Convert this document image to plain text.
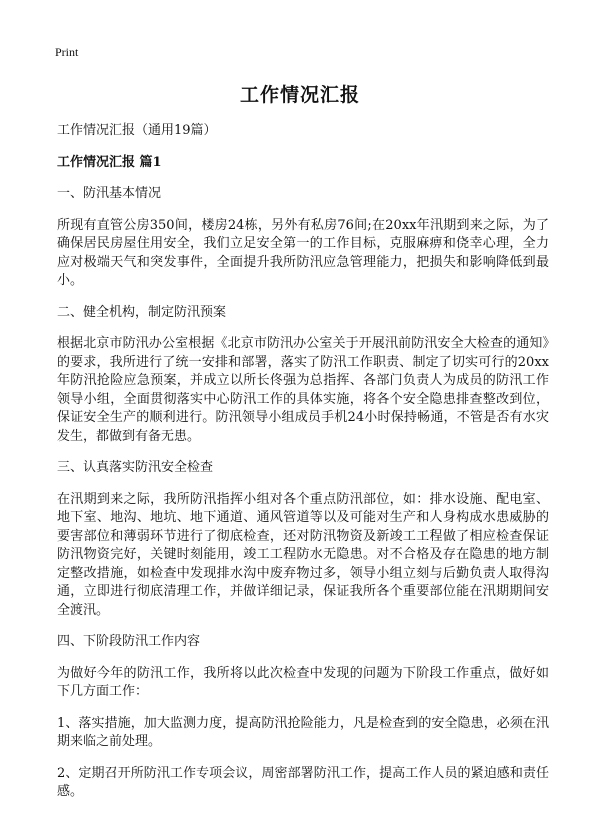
Print
工作情况汇报

工作情况汇报（通用19篇）

工作情况汇报 篇1

一、防汛基本情况

所现有直管公房350间，楼房24栋，另外有私房76间;在20xx年汛期到来之际，为了确保居民房屋住用安全，我们立足安全第一的工作目标，克服麻痹和侥幸心理，全力应对极端天气和突发事件，全面提升我所防汛应急管理能力，把损失和影响降低到最小。

二、健全机构，制定防汛预案

根据北京市防汛办公室根据《北京市防汛办公室关于开展汛前防汛安全大检查的通知》的要求，我所进行了统一安排和部署，落实了防汛工作职责、制定了切实可行的20xx年防汛抢险应急预案，并成立以所长佟强为总指挥、各部门负责人为成员的防汛工作领导小组，全面贯彻落实中心防汛工作的具体实施，将各个安全隐患排查整改到位，保证安全生产的顺利进行。防汛领导小组成员手机24小时保持畅通，不管是否有水灾发生，都做到有备无患。

三、认真落实防汛安全检查

在汛期到来之际，我所防汛指挥小组对各个重点防汛部位，如：排水设施、配电室、地下室、地沟、地坑、地下通道、通风管道等以及可能对生产和人身构成水患威胁的要害部位和薄弱环节进行了彻底检查，还对防汛物资及新竣工工程做了相应检查保证防汛物资完好，关键时刻能用，竣工工程防水无隐患。对不合格及存在隐患的地方制定整改措施，如检查中发现排水沟中废弃物过多，领导小组立刻与后勤负责人取得沟通，立即进行彻底清理工作，并做详细记录，保证我所各个重要部位能在汛期期间安全渡汛。

四、下阶段防汛工作内容

为做好今年的防汛工作，我所将以此次检查中发现的问题为下阶段工作重点，做好如下几方面工作：

1、落实措施，加大监测力度，提高防汛抢险能力，凡是检查到的安全隐患，必须在汛期来临之前处理。

2、定期召开所防汛工作专项会议，周密部署防汛工作，提高工作人员的紧迫感和责任感。
